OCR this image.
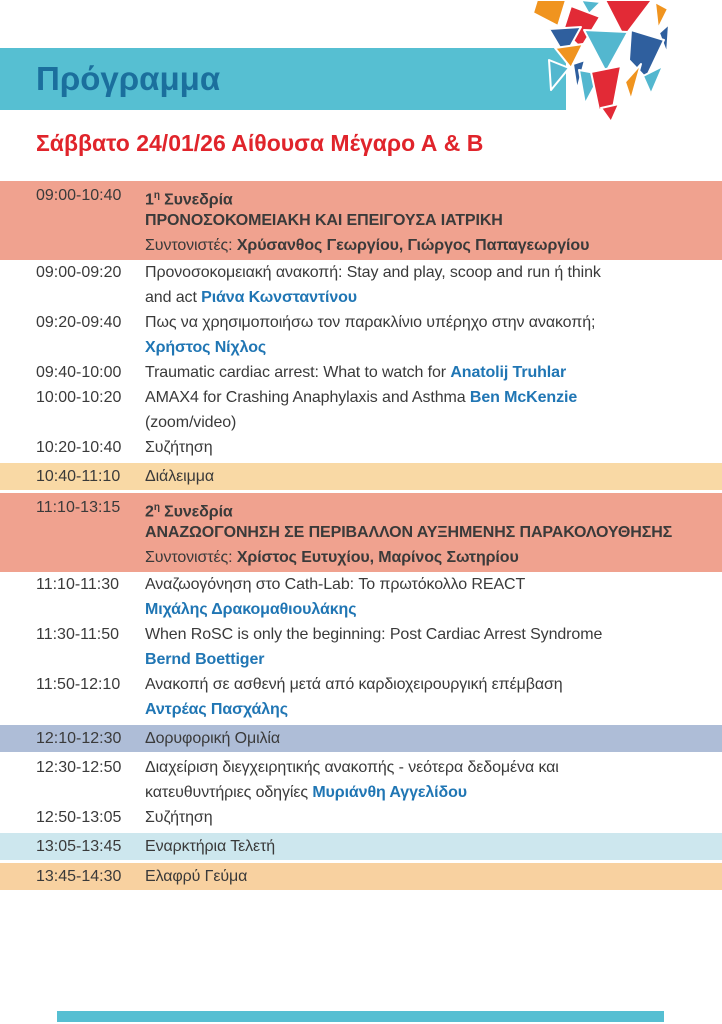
Πρόγραμμα
Σάββατο 24/01/26 Αίθουσα Μέγαρο Α & Β
09:00-10:40	$1^\eta$ Συνεδρία
ΠΡΟΝΟΣΟΚΟΜΕΙΑΚΗ ΚΑΙ ΕΠΕΙΓΟΥΣΑ ΙΑΤΡΙΚΗ
Συντονιστές: Χρύσανθος Γεωργίου, Γιώργος Παπαγεωργίου
09:00-09:20	Προνοσοκομειακή ανακοπή: Stay and play, scoop and run ή think
and act Ριάνα Κωνσταντίνου
09:20-09:40	Πως να χρησιμοποιήσω τον παρακλίνιο υπέρηχο στην ανακοπή;
Χρήστος Νίχλος
09:40-10:00	Traumatic cardiac arrest: What to watch for Anatolij Truhlar
10:00-10:20	AMAX4 for Crashing Anaphylaxis and Asthma Ben McKenzie
(zoom/video)
10:20-10:40	Συζήτηση
10:40-11:10	Διάλειμμα
11:10-13:15	$2^\eta$ Συνεδρία
ΑΝΑΖΩΟΓΟΝΗΣΗ ΣΕ ΠΕΡΙΒΑΛΛΟΝ ΑΥΞΗΜΕΝΗΣ ΠΑΡΑΚΟΛΟΥΘΗΣΗΣ
Συντονιστές: Χρίστος Ευτυχίου, Μαρίνος Σωτηρίου
11:10-11:30	Αναζωογόνηση στο Cath-Lab: Το πρωτόκολλο REACT
Μιχάλης Δρακομαθιουλάκης
11:30-11:50	When RoSC is only the beginning: Post Cardiac Arrest Syndrome
Bernd Boettiger
11:50-12:10	Ανακοπή σε ασθενή μετά από καρδιοχειρουργική επέμβαση
Αντρέας Πασχάλης
12:10-12:30	Δορυφορική Ομιλία
12:30-12:50	Διαχείριση διεγχειρητικής ανακοπής - νεότερα δεδομένα και
κατευθυντήριες οδηγίες Μυριάνθη Αγγελίδου
12:50-13:05	Συζήτηση
13:05-13:45	Εναρκτήρια Τελετή
13:45-14:30	Ελαφρύ Γεύμα
